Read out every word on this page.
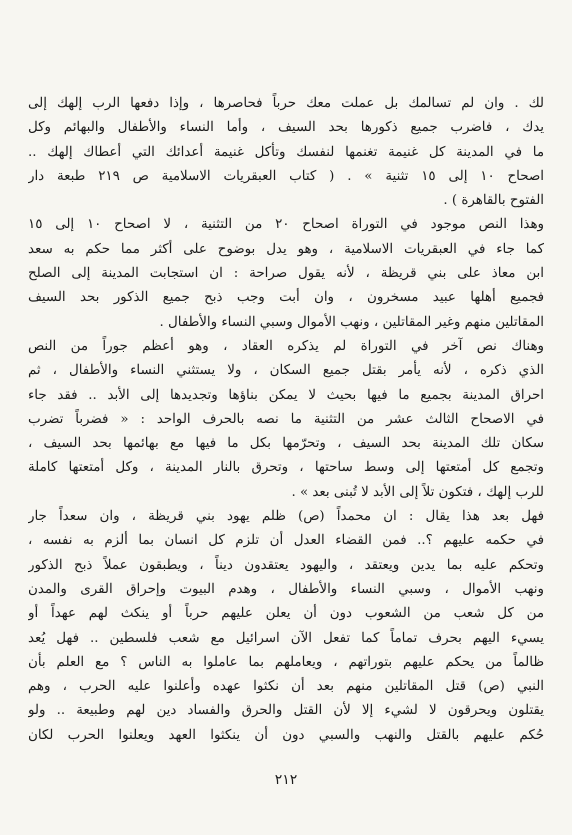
لك . وان لم تسالمك بل عملت معك حرباً فحاصرها ، وإذا دفعها الرب إلهك إلى
يدك ، فاضرب جميع ذكورها بحد السيف ، وأما النساء والأطفال والبهائم وكل
ما في المدينة كل غنيمة تغنمها لنفسك وتأكل غنيمة أعدائك التي أعطاك إلهك ..
اصحاح ١٠ إلى ١٥ تثنية » . ( كتاب العبقريات الاسلامية ص ٢١٩ طبعة دار
الفتوح بالقاهرة ) .
وهذا النص موجود في التوراة اصحاح ٢٠ من التثنية ، لا اصحاح ١٠ إلى ١٥
كما جاء في العبقريات الاسلامية ، وهو يدل بوضوح على أكثر مما حكم به سعد
ابن معاذ على بني قريظة ، لأنه يقول صراحة : ان استجابت المدينة إلى الصلح
فجميع أهلها عبيد مسخرون ، وان أبت وجب ذبح جميع الذكور بحد السيف
المقاتلين منهم وغير المقاتلين ، ونهب الأموال وسبي النساء والأطفال .
وهناك نص آخر في التوراة لم يذكره العقاد ، وهو أعظم جوراً من النص
الذي ذكره ، لأنه يأمر بقتل جميع السكان ، ولا يستثني النساء والأطفال ، ثم
احراق المدينة بجميع ما فيها بحيث لا يمكن بناؤها وتجديدها إلى الأبد .. فقد جاء
في الاصحاح الثالث عشر من التثنية ما نصه بالحرف الواحد : « فضرباً تضرب
سكان تلك المدينة بحد السيف ، وتحرّمها بكل ما فيها مع بهائمها بحد السيف ،
وتجمع كل أمتعتها إلى وسط ساحتها ، وتحرق بالنار المدينة ، وكل أمتعتها كاملة
للرب إلهك ، فتكون تلاً إلى الأبد لا تُبنى بعد » .
فهل بعد هذا يقال : ان محمداً (ص) ظلم يهود بني قريظة ، وان سعداً جار
في حكمه عليهم ؟.. فمن القضاء العدل أن تلزم كل انسان بما ألزم به نفسه ،
وتحكم عليه بما يدين ويعتقد ، واليهود يعتقدون ديناً ، ويطبقون عملاً ذبح الذكور
ونهب الأموال ، وسبي النساء والأطفال ، وهدم البيوت وإحراق القرى والمدن
من كل شعب من الشعوب دون أن يعلن عليهم حرباً أو ينكث لهم عهداً أو
يسيء اليهم بحرف تماماً كما تفعل الآن اسرائيل مع شعب فلسطين .. فهل يُعد
ظالماً من يحكم عليهم بتوراتهم ، ويعاملهم بما عاملوا به الناس ؟ مع العلم بأن
النبي (ص) قتل المقاتلين منهم بعد أن نكثوا عهده وأعلنوا عليه الحرب ، وهم
يقتلون ويحرقون لا لشيء إلا لأن القتل والحرق والفساد دين لهم وطبيعة .. ولو
حُكم عليهم بالقتل والنهب والسبي دون أن ينكثوا العهد ويعلنوا الحرب لكان
٢١٢
